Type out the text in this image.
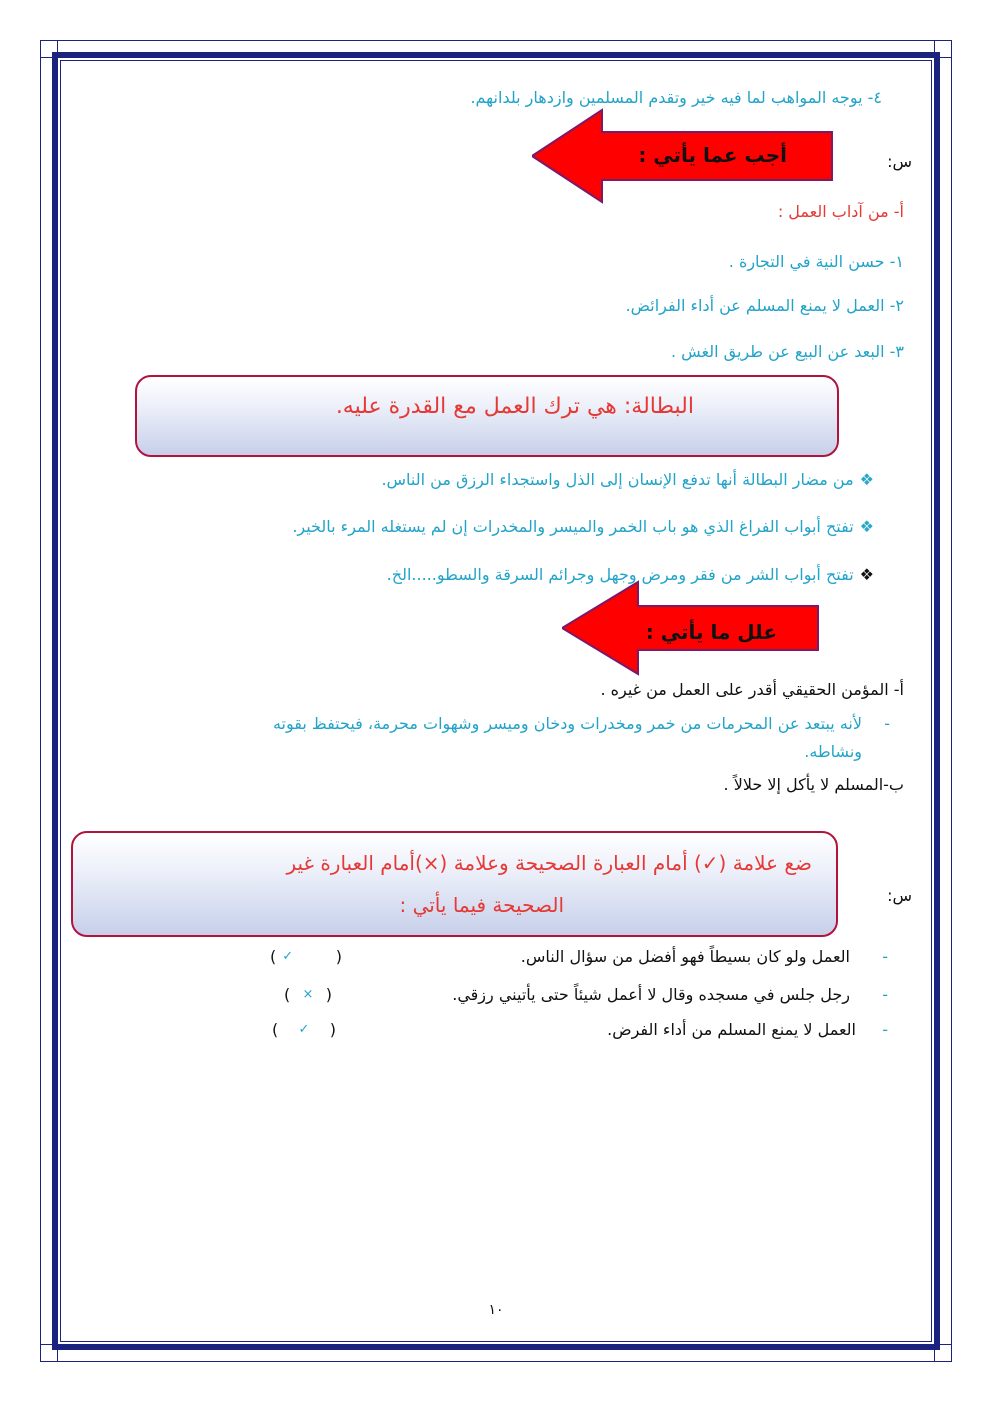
٤- يوجه المواهب لما فيه خير وتقدم المسلمين وازدهار بلدانهم.
أجب عما يأتي :	س:
أ- من آداب العمل :
١- حسن النية في التجارة .
٢- العمل لا يمنع المسلم عن أداء الفرائض.
٣- البعد عن البيع عن طريق الغش .
البطالة: هي ترك العمل مع القدرة عليه.
❖من مضار البطالة أنها تدفع الإنسان إلى الذل واستجداء الرزق من الناس.
❖تفتح أبواب الفراغ الذي هو باب الخمر والميسر والمخدرات إن لم يستغله المرء بالخير.
❖تفتح أبواب الشر من فقر ومرض وجهل وجرائم السرقة والسطو.....الخ.
علل ما يأتي :
أ- المؤمن الحقيقي أقدر على العمل من غيره .
-
لأنه يبتعد عن المحرمات من خمر ومخدرات ودخان وميسر وشهوات محرمة، فيحتفظ بقوته
ونشاطه.
ب-المسلم لا يأكل إلا حلالاً .
ضع علامة (✓) أمام العبارة الصحيحة وعلامة (×)أمام العبارة غير
الصحيحة فيما يأتي :	س:
-
العمل ولو كان بسيطاً فهو أفضل من سؤال الناس.
( ✓	)
-
رجل جلس في مسجده وقال لا أعمل شيئاً حتى يأتيني رزقي.
( × )
-
العمل لا يمنع المسلم من أداء الفرض.
( ✓ )
١٠
